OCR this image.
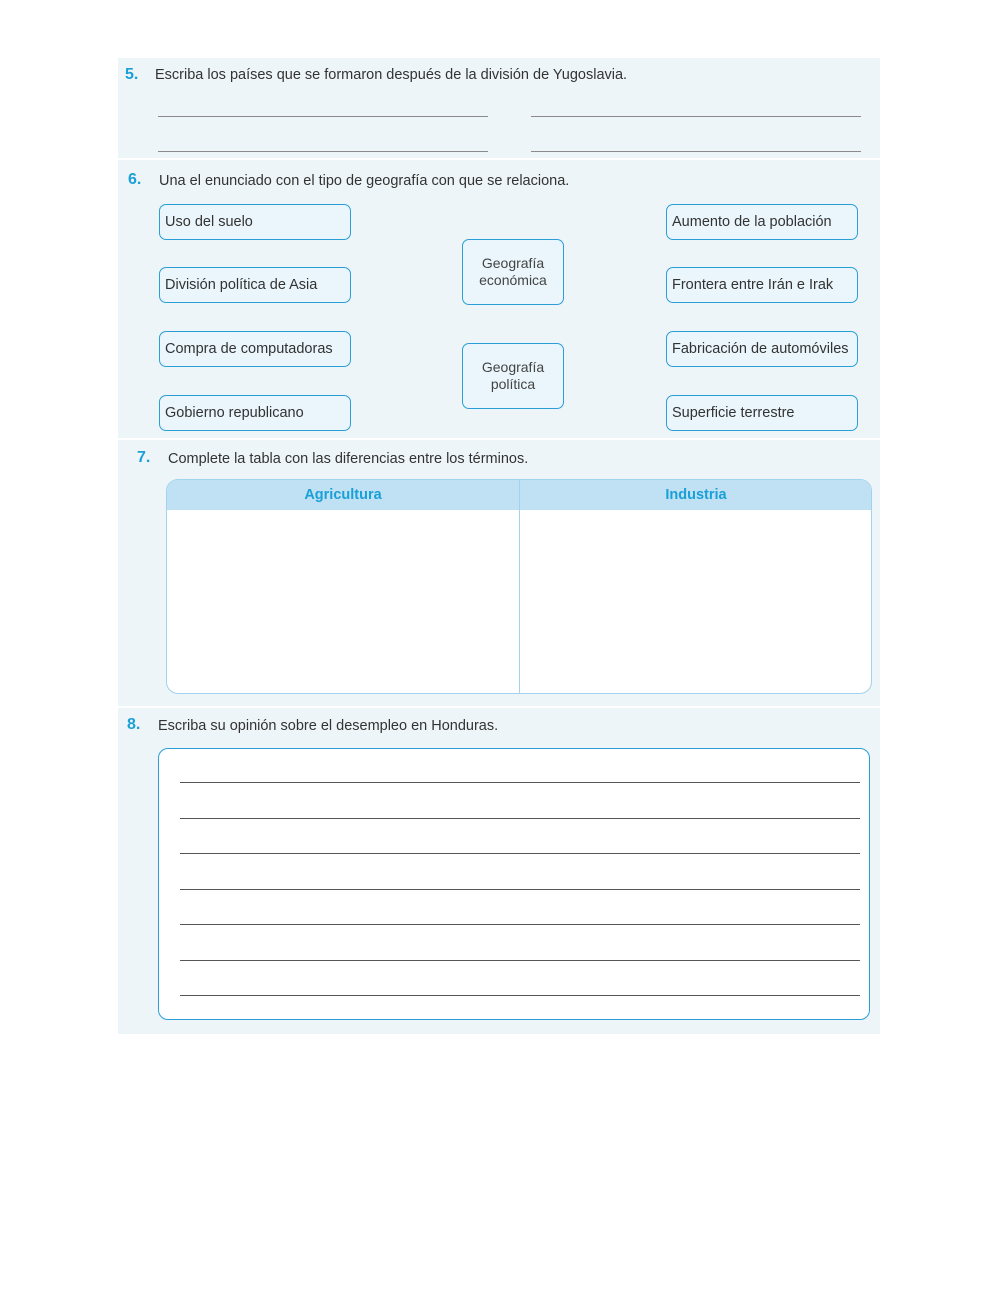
5. Escriba los países que se formaron después de la división de Yugoslavia.
6. Una el enunciado con el tipo de geografía con que se relaciona.
Uso del suelo
División política de Asia
Compra de computadoras
Gobierno republicano
Geografía económica
Geografía política
Aumento de la población
Frontera entre Irán e Irak
Fabricación de automóviles
Superficie terrestre
7. Complete la tabla con las diferencias entre los términos.
Agricultura	Industria
8. Escriba su opinión sobre el desempleo en Honduras.
